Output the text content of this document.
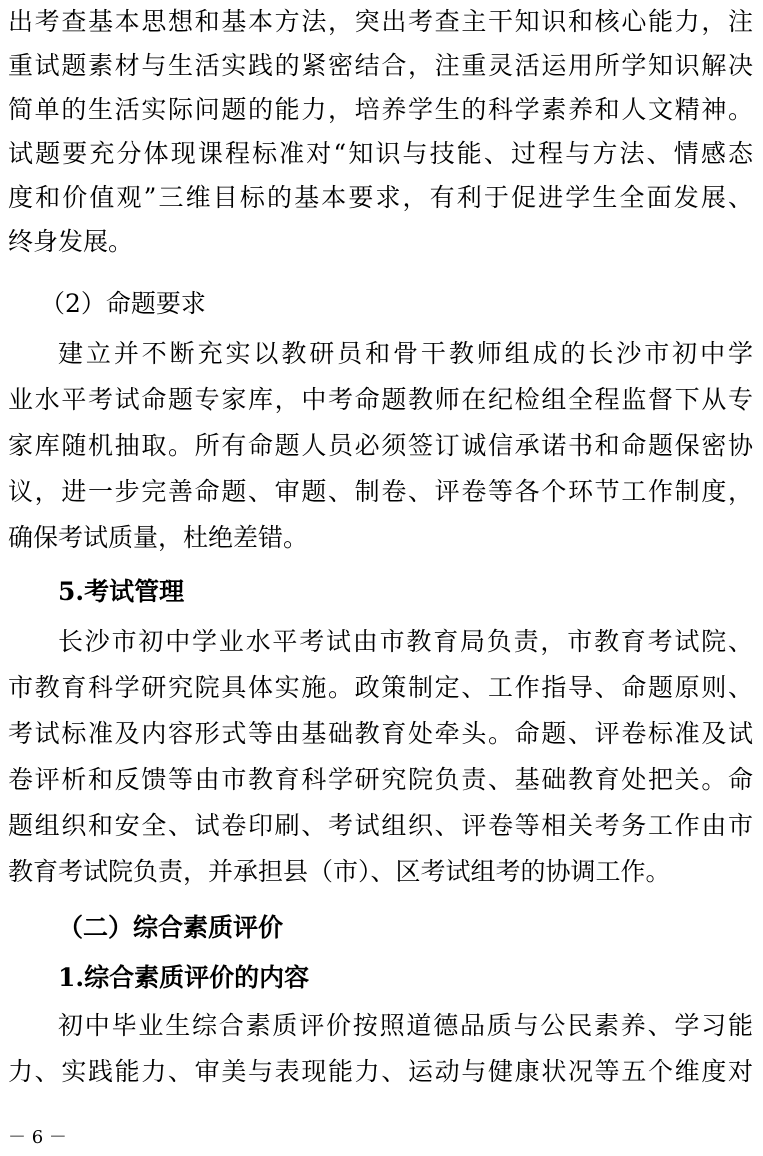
出考查基本思想和基本方法，突出考查主干知识和核心能力，注
重试题素材与生活实践的紧密结合，注重灵活运用所学知识解决
简单的生活实际问题的能力，培养学生的科学素养和人文精神。
试题要充分体现课程标准对“知识与技能、过程与方法、情感态
度和价值观”三维目标的基本要求，有利于促进学生全面发展、
终身发展。
（2）命题要求
建立并不断充实以教研员和骨干教师组成的长沙市初中学
业水平考试命题专家库，中考命题教师在纪检组全程监督下从专
家库随机抽取。所有命题人员必须签订诚信承诺书和命题保密协
议，进一步完善命题、审题、制卷、评卷等各个环节工作制度，
确保考试质量，杜绝差错。
5.考试管理
长沙市初中学业水平考试由市教育局负责，市教育考试院、
市教育科学研究院具体实施。政策制定、工作指导、命题原则、
考试标准及内容形式等由基础教育处牵头。命题、评卷标准及试
卷评析和反馈等由市教育科学研究院负责、基础教育处把关。命
题组织和安全、试卷印刷、考试组织、评卷等相关考务工作由市
教育考试院负责，并承担县（市）、区考试组考的协调工作。
（二）综合素质评价
1.综合素质评价的内容
初中毕业生综合素质评价按照道德品质与公民素养、学习能
力、实践能力、审美与表现能力、运动与健康状况等五个维度对
－ 6 －
